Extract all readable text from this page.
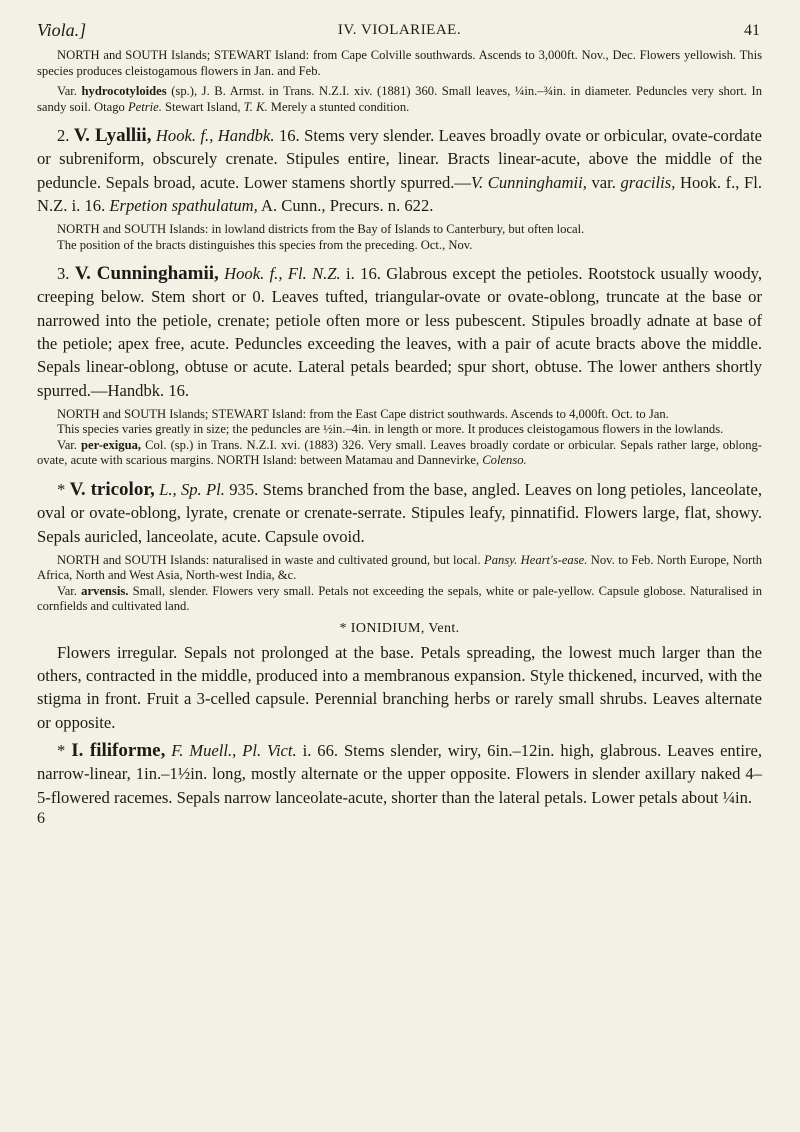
Viola.]	IV. VIOLARIEAE.	41

NORTH and SOUTH Islands; STEWART Island: from Cape Colville southwards. Ascends to 3,000ft. Nov., Dec. Flowers yellowish. This species produces cleistogamous flowers in Jan. and Feb.

Var. hydrocotyloides (sp.), J. B. Armst. in Trans. N.Z.I. xiv. (1881) 360. Small leaves, ¼in.–¾in. in diameter. Peduncles very short. In sandy soil. Otago Petrie. Stewart Island, T. K. Merely a stunted condition.

2. V. Lyallii, Hook. f., Handbk. 16. Stems very slender. Leaves broadly ovate or orbicular, ovate-cordate or subreniform, obscurely crenate. Stipules entire, linear. Bracts linear-acute, above the middle of the peduncle. Sepals broad, acute. Lower stamens shortly spurred.—V. Cunninghamii, var. gracilis, Hook. f., Fl. N.Z. i. 16. Erpetion spathulatum, A. Cunn., Precurs. n. 622.

NORTH and SOUTH Islands: in lowland districts from the Bay of Islands to Canterbury, but often local.

The position of the bracts distinguishes this species from the preceding. Oct., Nov.

3. V. Cunninghamii, Hook. f., Fl. N.Z. i. 16. Glabrous except the petioles. Rootstock usually woody, creeping below. Stem short or 0. Leaves tufted, triangular-ovate or ovate-oblong, truncate at the base or narrowed into the petiole, crenate; petiole often more or less pubescent. Stipules broadly adnate at base of the petiole; apex free, acute. Peduncles exceeding the leaves, with a pair of acute bracts above the middle. Sepals linear-oblong, obtuse or acute. Lateral petals bearded; spur short, obtuse. The lower anthers shortly spurred.—Handbk. 16.

NORTH and SOUTH Islands; STEWART Island: from the East Cape district southwards. Ascends to 4,000ft. Oct. to Jan.

This species varies greatly in size; the peduncles are ½in.–4in. in length or more. It produces cleistogamous flowers in the lowlands.

Var. per-exigua, Col. (sp.) in Trans. N.Z.I. xvi. (1883) 326. Very small. Leaves broadly cordate or orbicular. Sepals rather large, oblong-ovate, acute with scarious margins. NORTH Island: between Matamau and Dannevirke, Colenso.

* V. tricolor, L., Sp. Pl. 935. Stems branched from the base, angled. Leaves on long petioles, lanceolate, oval or ovate-oblong, lyrate, crenate or crenate-serrate. Stipules leafy, pinnatifid. Flowers large, flat, showy. Sepals auricled, lanceolate, acute. Capsule ovoid.

NORTH and SOUTH Islands: naturalised in waste and cultivated ground, but local. Pansy. Heart's-ease. Nov. to Feb. North Europe, North Africa, North and West Asia, North-west India, &c.

Var. arvensis. Small, slender. Flowers very small. Petals not exceeding the sepals, white or pale-yellow. Capsule globose. Naturalised in cornfields and cultivated land.

* IONIDIUM, Vent.

Flowers irregular. Sepals not prolonged at the base. Petals spreading, the lowest much larger than the others, contracted in the middle, produced into a membranous expansion. Style thickened, incurved, with the stigma in front. Fruit a 3-celled capsule. Perennial branching herbs or rarely small shrubs. Leaves alternate or opposite.

* I. filiforme, F. Muell., Pl. Vict. i. 66. Stems slender, wiry, 6in.–12in. high, glabrous. Leaves entire, narrow-linear, 1in.–1½in. long, mostly alternate or the upper opposite. Flowers in slender axillary naked 4–5-flowered racemes. Sepals narrow lanceolate-acute, shorter than the lateral petals. Lower petals about ¼in.

6
